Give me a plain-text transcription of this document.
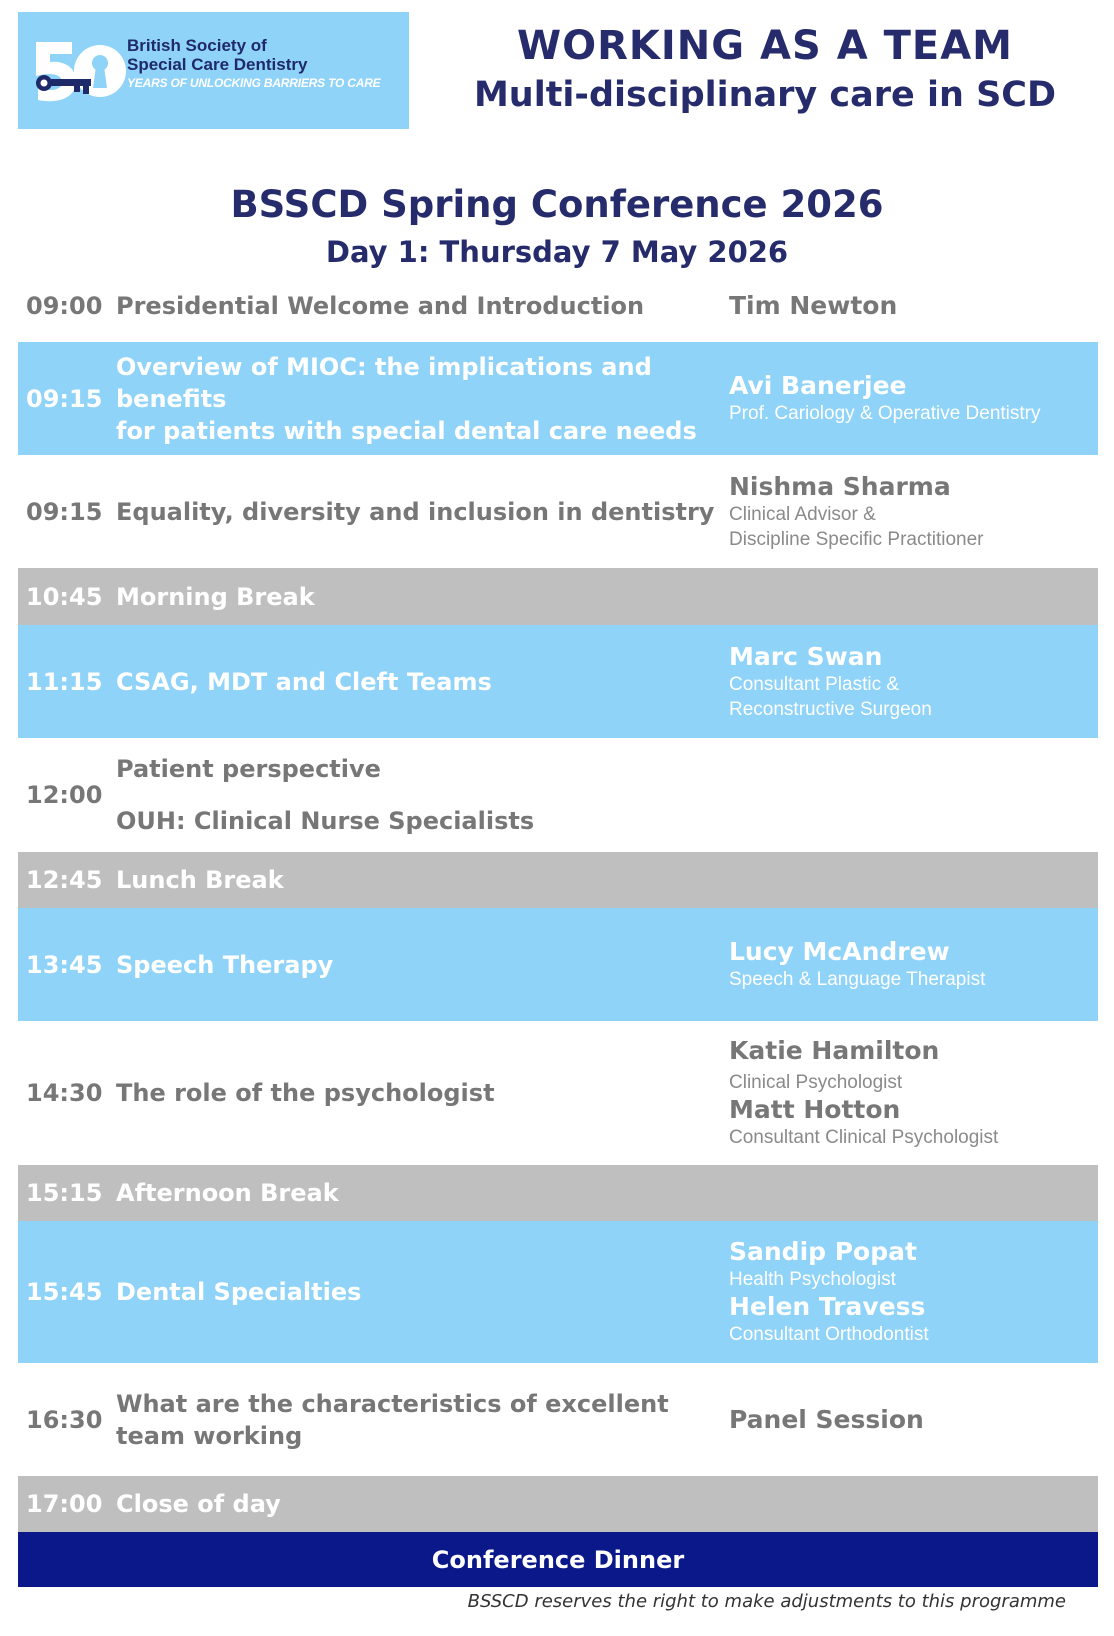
British Society of
Special Care Dentistry
YEARS OF UNLOCKING BARRIERS TO CARE
WORKING AS A TEAM
Multi-disciplinary care in SCD
BSSCD Spring Conference 2026
Day 1: Thursday 7 May 2026
09:00 Presidential Welcome and Introduction	Tim Newton
09:15
Overview of MIOC: the implications and benefits
for patients with special dental care needs
Avi Banerjee
Prof. Cariology & Operative Dentistry
09:15 Equality, diversity and inclusion in dentistry
Nishma Sharma
Clinical Advisor &
Discipline Specific Practitioner
10:45 Morning Break
11:15 CSAG, MDT and Cleft Teams
Marc Swan
Consultant Plastic &
Reconstructive Surgeon
12:00
Patient perspective
OUH: Clinical Nurse Specialists
12:45 Lunch Break
13:45 Speech Therapy	Lucy McAndrew
Speech & Language Therapist
14:30 The role of the psychologist
Katie Hamilton
Clinical Psychologist
Matt Hotton
Consultant Clinical Psychologist
15:15 Afternoon Break
15:45 Dental Specialties
Sandip Popat
Health Psychologist
Helen Travess
Consultant Orthodontist
16:30
What are the characteristics of excellent
team working
Panel Session
17:00 Close of day
Conference Dinner
BSSCD reserves the right to make adjustments to this programme
